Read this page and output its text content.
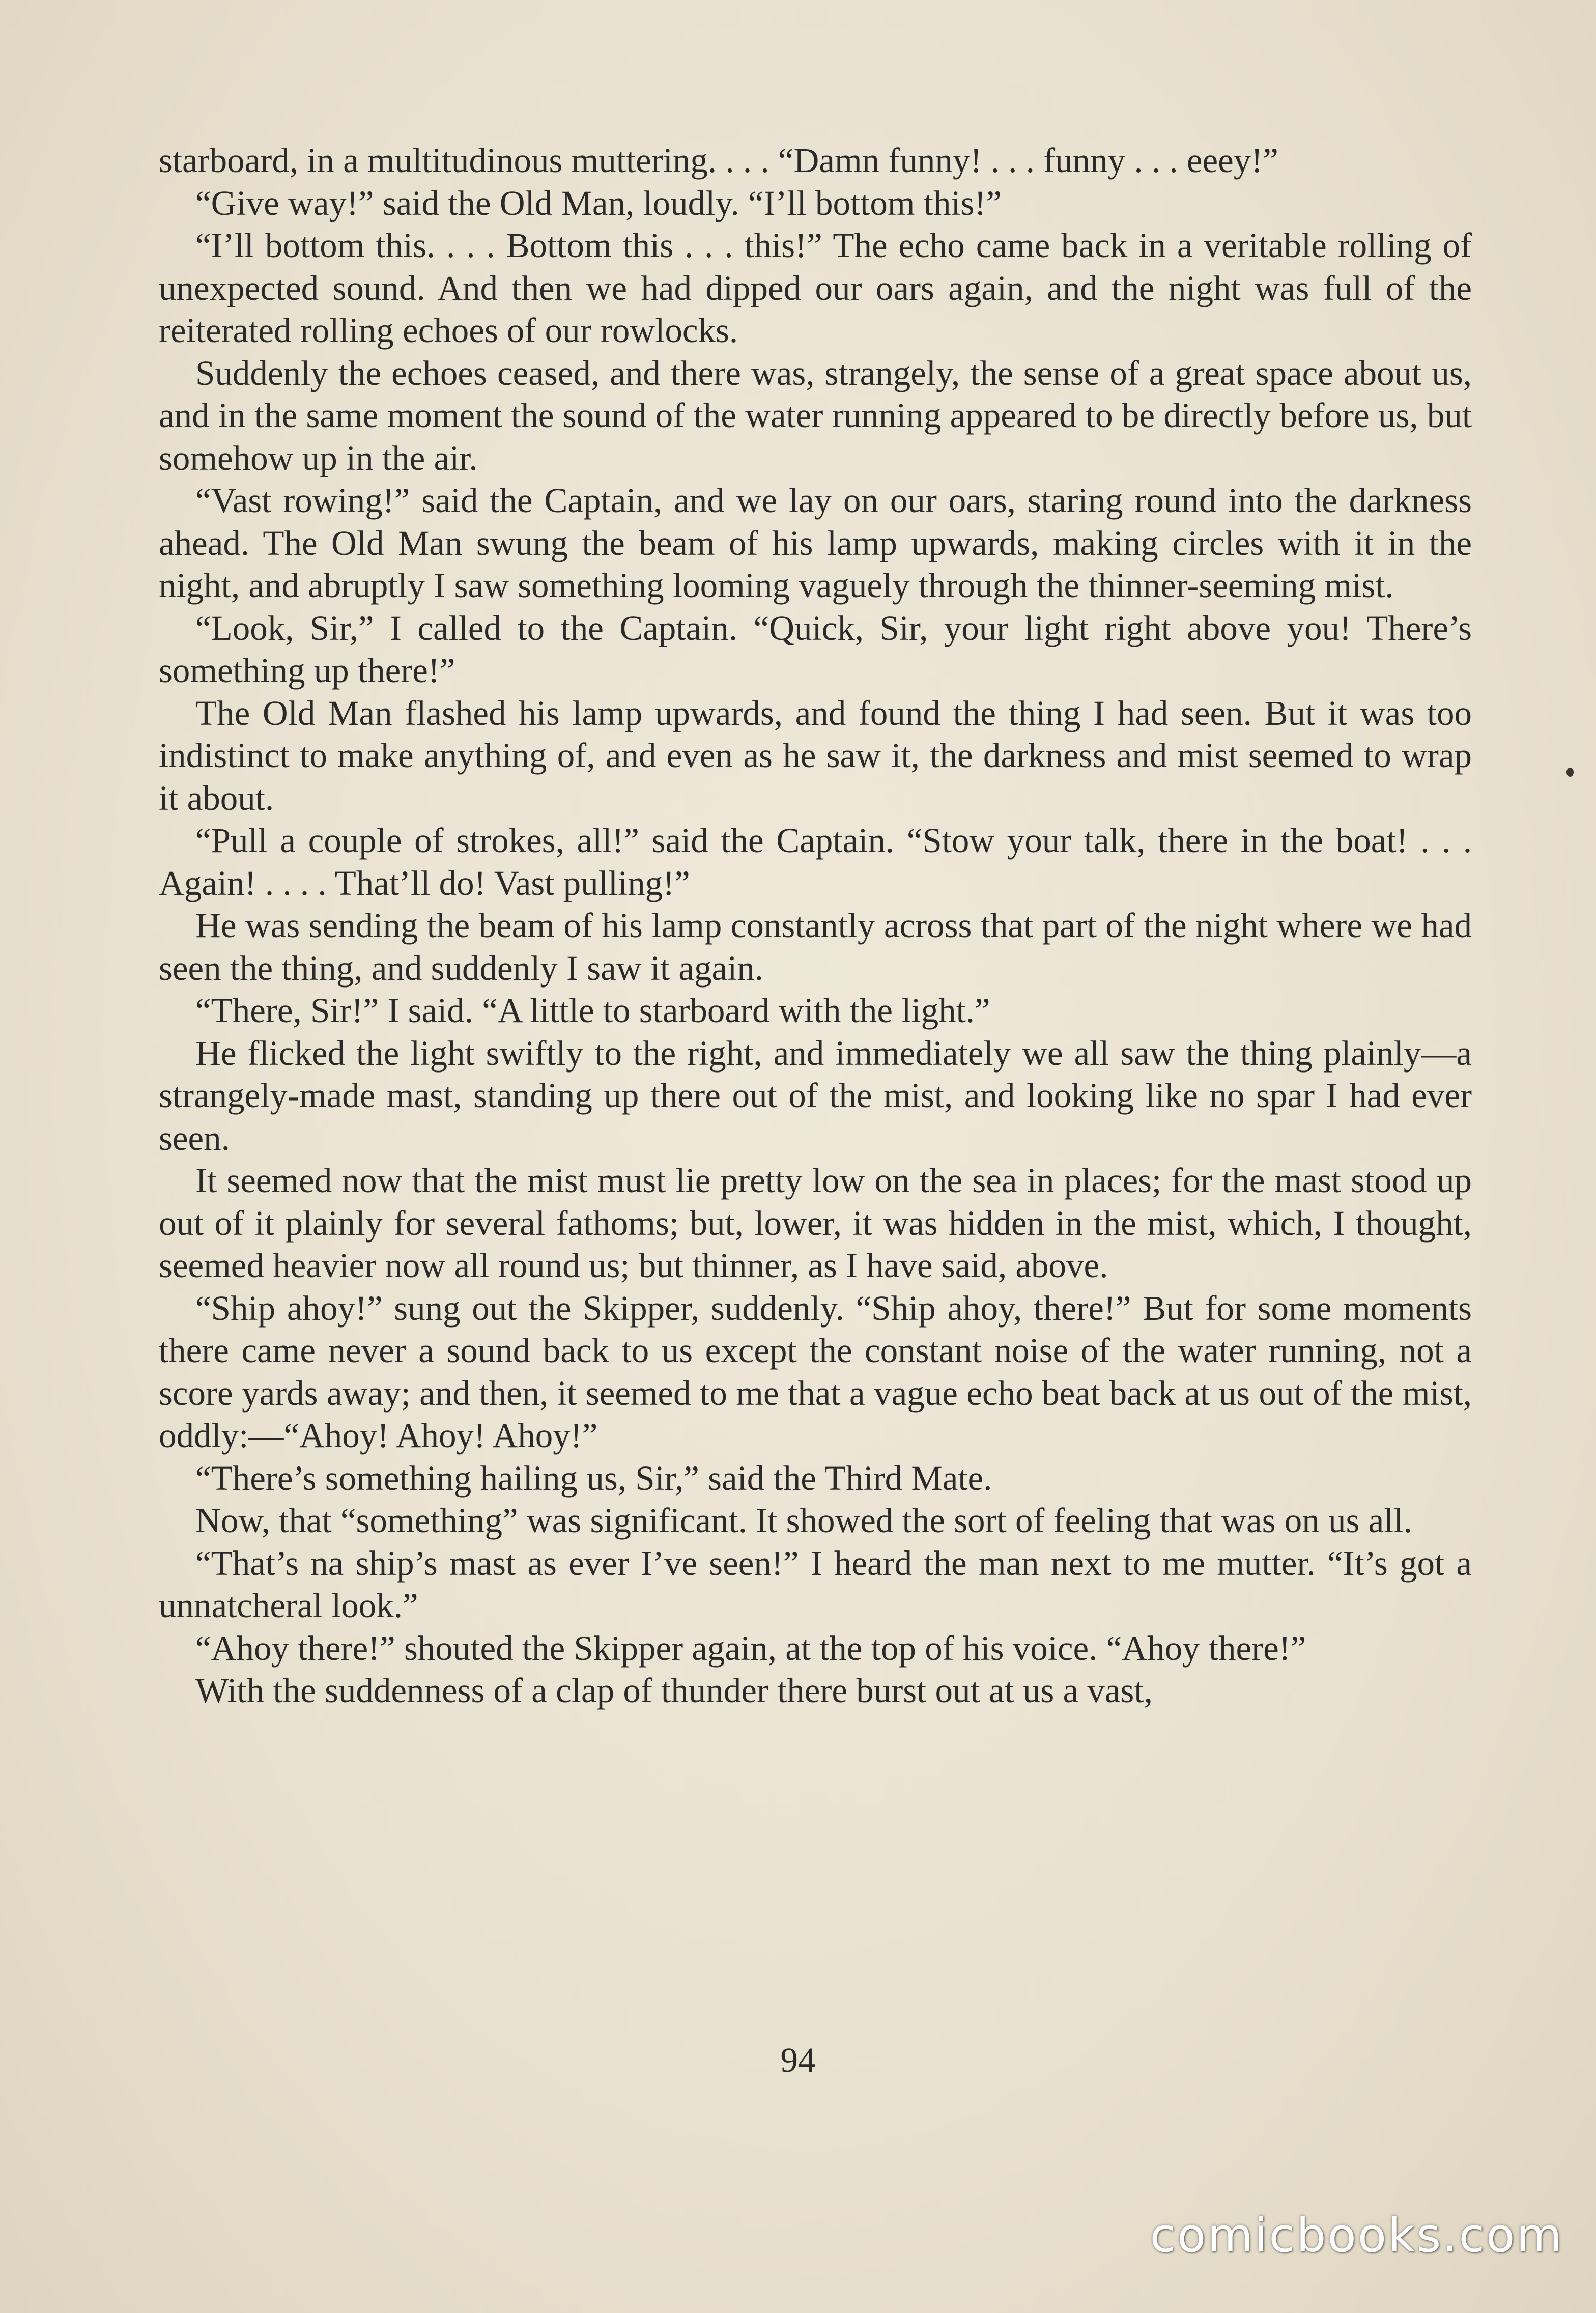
starboard, in a multitudinous muttering. . . . “Damn funny! . . . funny . . . eeey!”

“Give way!” said the Old Man, loudly. “I’ll bottom this!”

“I’ll bottom this. . . . Bottom this . . . this!” The echo came back in a veritable rolling of unexpected sound. And then we had dipped our oars again, and the night was full of the reiterated rolling echoes of our rowlocks.

Suddenly the echoes ceased, and there was, strangely, the sense of a great space about us, and in the same moment the sound of the water running appeared to be directly before us, but somehow up in the air.

“Vast rowing!” said the Captain, and we lay on our oars, staring round into the darkness ahead. The Old Man swung the beam of his lamp upwards, making circles with it in the night, and abruptly I saw something looming vaguely through the thinner-seeming mist.

“Look, Sir,” I called to the Captain. “Quick, Sir, your light right above you! There’s something up there!”

The Old Man flashed his lamp upwards, and found the thing I had seen. But it was too indistinct to make anything of, and even as he saw it, the darkness and mist seemed to wrap it about.

“Pull a couple of strokes, all!” said the Captain. “Stow your talk, there in the boat! . . . Again! . . . . That’ll do! Vast pulling!”

He was sending the beam of his lamp constantly across that part of the night where we had seen the thing, and suddenly I saw it again.

“There, Sir!” I said. “A little to starboard with the light.”

He flicked the light swiftly to the right, and immediately we all saw the thing plainly—a strangely-made mast, standing up there out of the mist, and looking like no spar I had ever seen.

It seemed now that the mist must lie pretty low on the sea in places; for the mast stood up out of it plainly for several fathoms; but, lower, it was hidden in the mist, which, I thought, seemed heavier now all round us; but thinner, as I have said, above.

“Ship ahoy!” sung out the Skipper, suddenly. “Ship ahoy, there!” But for some moments there came never a sound back to us except the constant noise of the water running, not a score yards away; and then, it seemed to me that a vague echo beat back at us out of the mist, oddly:—“Ahoy! Ahoy! Ahoy!”

“There’s something hailing us, Sir,” said the Third Mate.

Now, that “something” was significant. It showed the sort of feeling that was on us all.

“That’s na ship’s mast as ever I’ve seen!” I heard the man next to me mutter. “It’s got a unnatcheral look.”

“Ahoy there!” shouted the Skipper again, at the top of his voice. “Ahoy there!”

With the suddenness of a clap of thunder there burst out at us a vast,

94
comicbooks.com
